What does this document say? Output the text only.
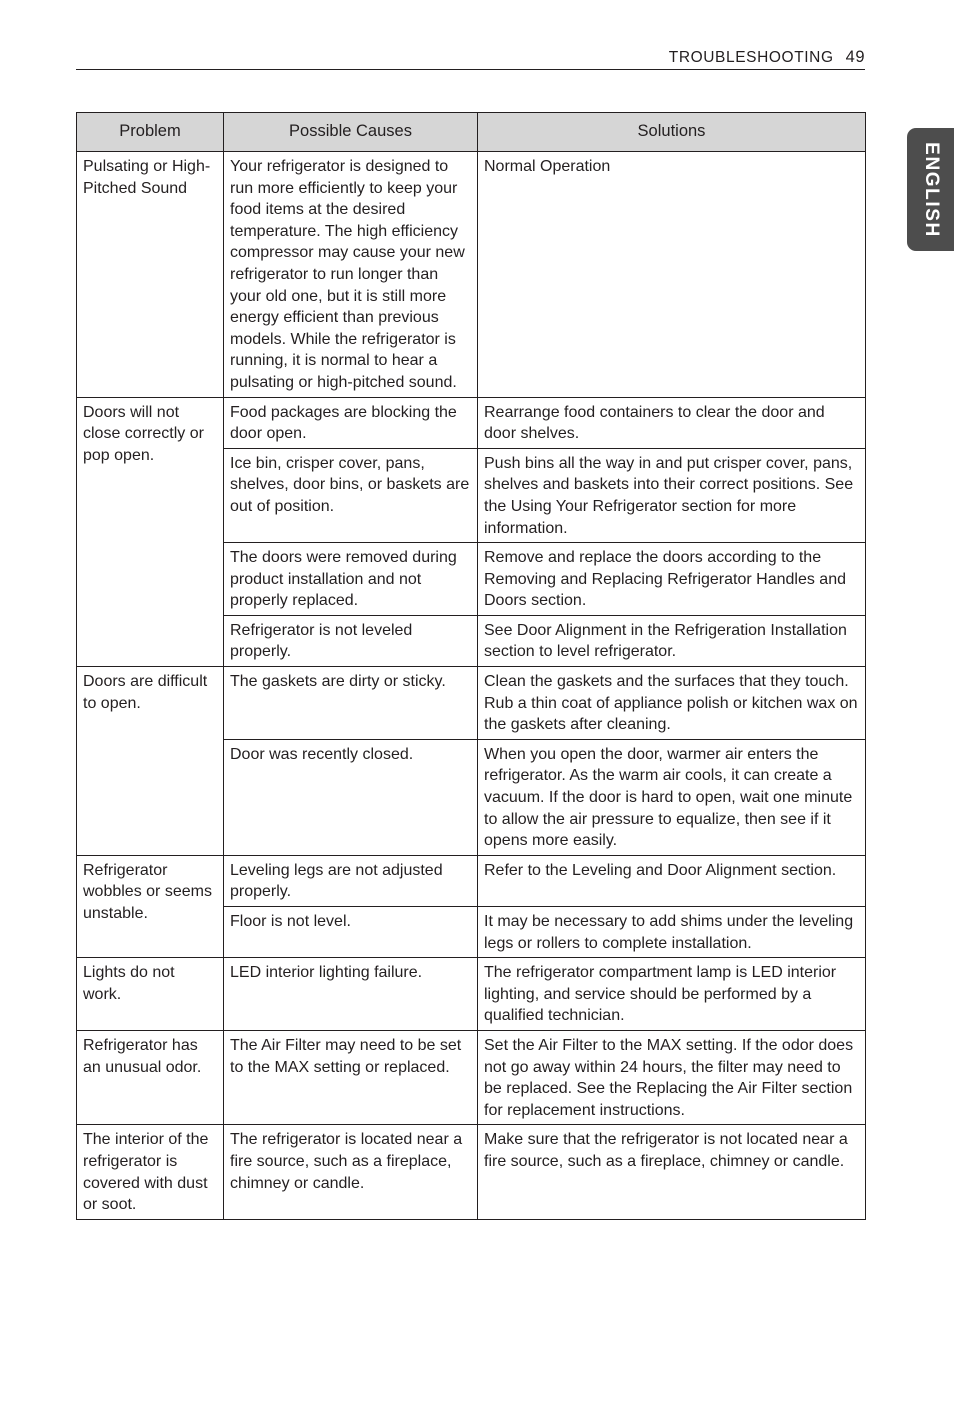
TROUBLESHOOTING 49
ENGLISH
Problem	Possible Causes	Solutions
Pulsating or High-Pitched Sound	Your refrigerator is designed to run more efficiently to keep your food items at the desired temperature. The high efficiency compressor may cause your new refrigerator to run longer than your old one, but it is still more energy efficient than previous models. While the refrigerator is running, it is normal to hear a pulsating or high-pitched sound.	Normal Operation
Doors will not close correctly or pop open.	Food packages are blocking the door open.	Rearrange food containers to clear the door and door shelves.
	Ice bin, crisper cover, pans, shelves, door bins, or baskets are out of position.	Push bins all the way in and put crisper cover, pans, shelves and baskets into their correct positions. See the Using Your Refrigerator section for more information.
	The doors were removed during product installation and not properly replaced.	Remove and replace the doors according to the Removing and Replacing Refrigerator Handles and Doors section.
	Refrigerator is not leveled properly.	See Door Alignment in the Refrigeration Installation section to level refrigerator.
Doors are difficult to open.	The gaskets are dirty or sticky.	Clean the gaskets and the surfaces that they touch. Rub a thin coat of appliance polish or kitchen wax on the gaskets after cleaning.
	Door was recently closed.	When you open the door, warmer air enters the refrigerator. As the warm air cools, it can create a vacuum. If the door is hard to open, wait one minute to allow the air pressure to equalize, then see if it opens more easily.
Refrigerator wobbles or seems unstable.	Leveling legs are not adjusted properly.	Refer to the Leveling and Door Alignment section.
	Floor is not level.	It may be necessary to add shims under the leveling legs or rollers to complete installation.
Lights do not work.	LED interior lighting failure.	The refrigerator compartment lamp is LED interior lighting, and service should be performed by a qualified technician.
Refrigerator has an unusual odor.	The Air Filter may need to be set to the MAX setting or replaced.	Set the Air Filter to the MAX setting. If the odor does not go away within 24 hours, the filter may need to be replaced. See the Replacing the Air Filter section for replacement instructions.
The interior of the refrigerator is covered with dust or soot.	The refrigerator is located near a fire source, such as a fireplace, chimney or candle.	Make sure that the refrigerator is not located near a fire source, such as a fireplace, chimney or candle.
